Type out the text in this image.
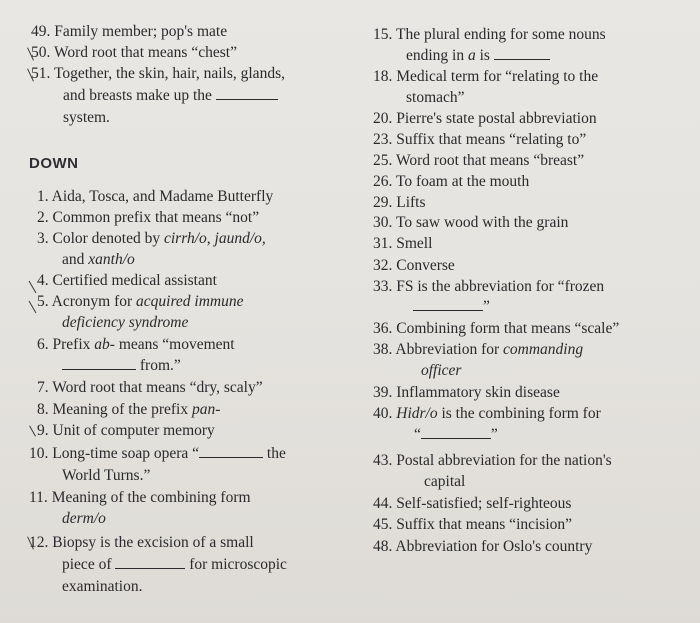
49. Family member; pop's mate
50. Word root that means “chest”
51. Together, the skin, hair, nails, glands,
and breasts make up the
system.
DOWN
1. Aida, Tosca, and Madame Butterfly
2. Common prefix that means “not”
3. Color denoted by cirrh/o, jaund/o,
and xanth/o
4. Certified medical assistant
5. Acronym for acquired immune
deficiency syndrome
6. Prefix ab- means “movement
from.”
7. Word root that means “dry, scaly”
8. Meaning of the prefix pan-
9. Unit of computer memory
10. Long-time soap opera “	the
World Turns.”
11. Meaning of the combining form
derm/o
12. Biopsy is the excision of a small
piece of	for microscopic
examination.
15. The plural ending for some nouns
ending in a is
18. Medical term for “relating to the
stomach”
20. Pierre's state postal abbreviation
23. Suffix that means “relating to”
25. Word root that means “breast”
26. To foam at the mouth
29. Lifts
30. To saw wood with the grain
31. Smell
32. Converse
33. FS is the abbreviation for “frozen
”
36. Combining form that means “scale”
38. Abbreviation for commanding
officer
39. Inflammatory skin disease
40. Hidr/o is the combining form for
“	”
43. Postal abbreviation for the nation's
capital
44. Self-satisfied; self-righteous
45. Suffix that means “incision”
48. Abbreviation for Oslo's country
